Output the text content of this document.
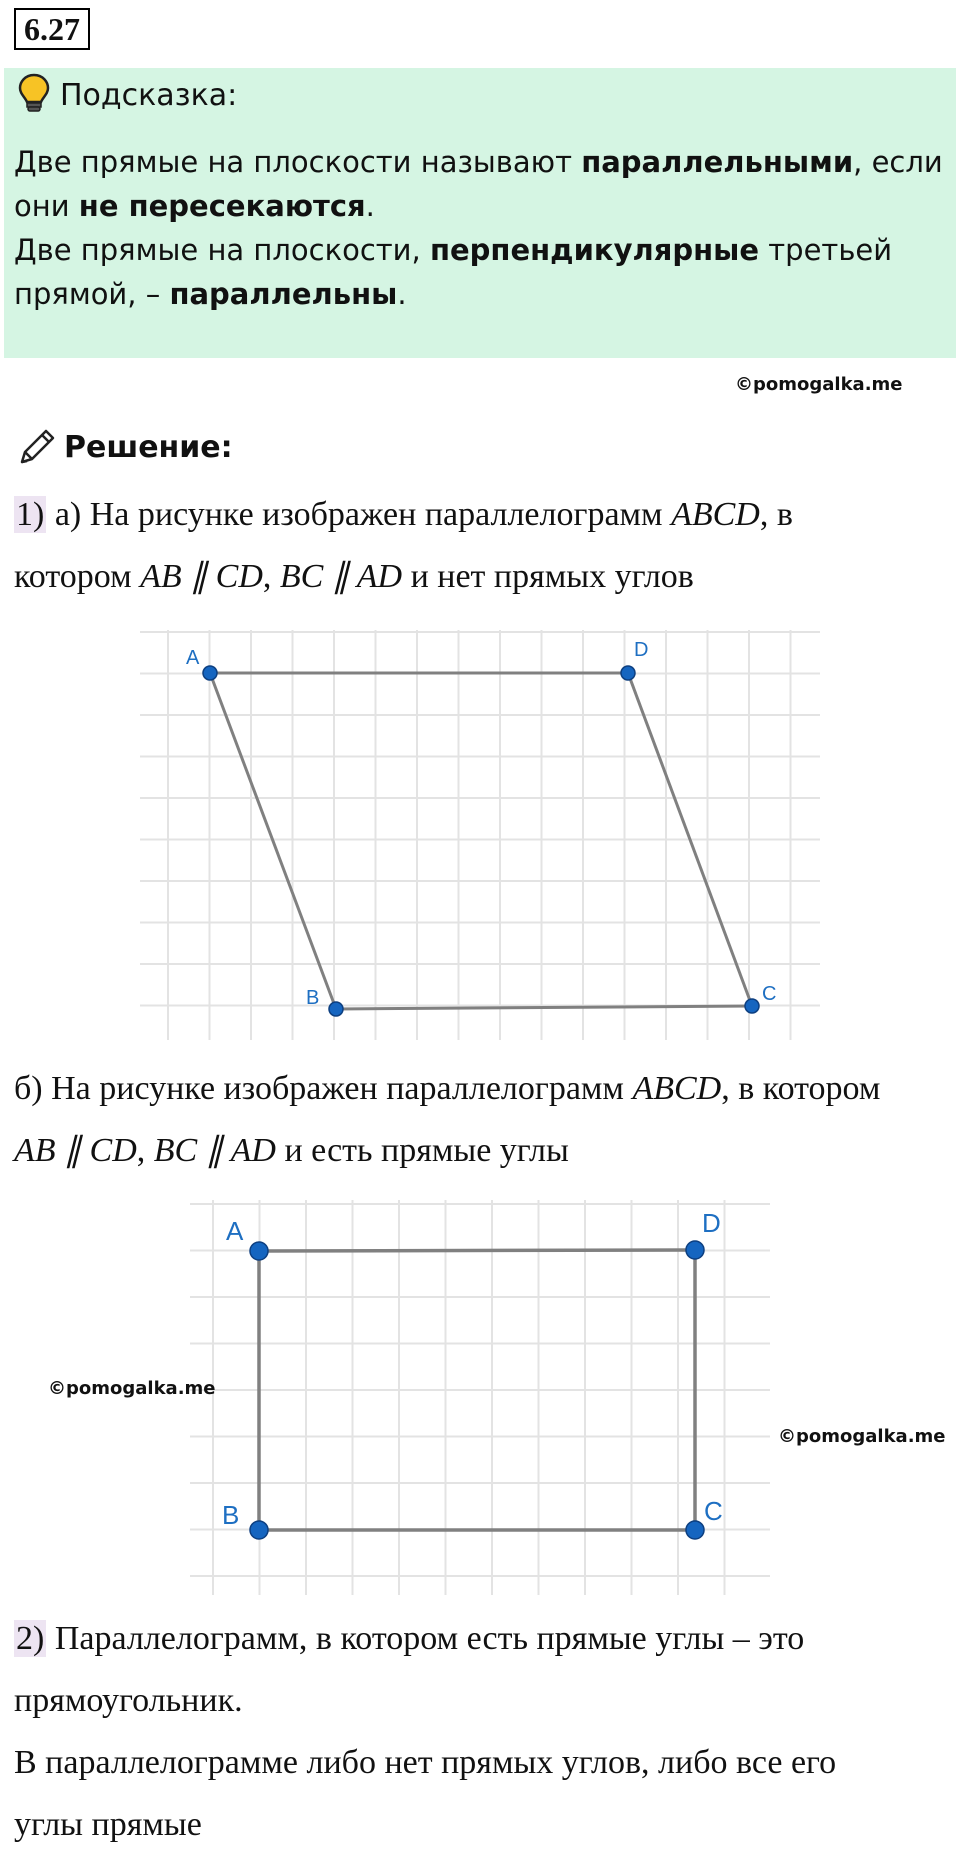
6.27
Подсказка:
Две прямые на плоскости называют параллельными, если
они не пересекаются.
Две прямые на плоскости, перпендикулярные третьей
прямой, – параллельны.
©pomogalka.me
Решение:
1) а) На рисунке изображен параллелограмм ABCD, в
котором AB ∥ CD, BC ∥ AD и нет прямых углов
A	D
B	C
б) На рисунке изображен параллелограмм ABCD, в котором
AB ∥ CD, BC ∥ AD и есть прямые углы
A	D
B	C
©pomogalka.me
©pomogalka.me
2) Параллелограмм, в котором есть прямые углы – это
прямоугольник.
В параллелограмме либо нет прямых углов, либо все его
углы прямые
